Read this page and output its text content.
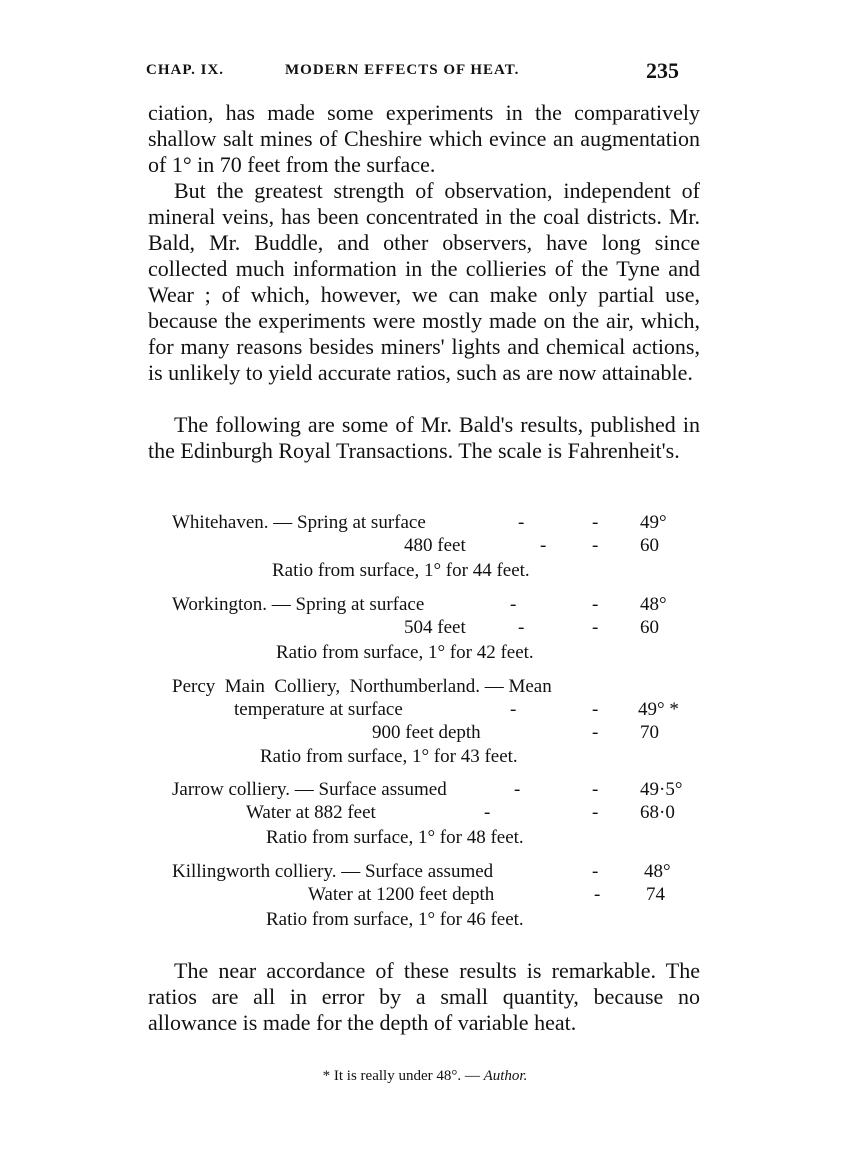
CHAP. IX.	MODERN EFFECTS OF HEAT.	235
ciation, has made some experiments in the comparatively shallow salt mines of Cheshire which evince an augmentation of 1° in 70 feet from the surface.
But the greatest strength of observation, independent of mineral veins, has been concentrated in the coal districts. Mr. Bald, Mr. Buddle, and other observers, have long since collected much information in the collieries of the Tyne and Wear ; of which, however, we can make only partial use, because the experiments were mostly made on the air, which, for many reasons besides miners' lights and chemical actions, is unlikely to yield accurate ratios, such as are now attainable.
The following are some of Mr. Bald's results, published in the Edinburgh Royal Transactions. The scale is Fahrenheit's.
Whitehaven. — Spring at surface	-	- 49°
480 feet	- - 60
Ratio from surface, 1° for 44 feet.
Workington. — Spring at surface	-	- 48°
504 feet	-	- 60
Ratio from surface, 1° for 42 feet.
Percy  Main  Colliery,  Northumberland. — Mean
temperature at surface	-	- 49° *
900 feet depth	- 70
Ratio from surface, 1° for 43 feet.
Jarrow colliery. — Surface assumed	-	- 49·5°
Water at 882 feet	-	- 68·0
Ratio from surface, 1° for 48 feet.
Killingworth colliery. — Surface assumed	- 48°
Water at 1200 feet depth	- 74
Ratio from surface, 1° for 46 feet.
The near accordance of these results is remarkable. The ratios are all in error by a small quantity, because no allowance is made for the depth of variable heat.
* It is really under 48°. — Author.
